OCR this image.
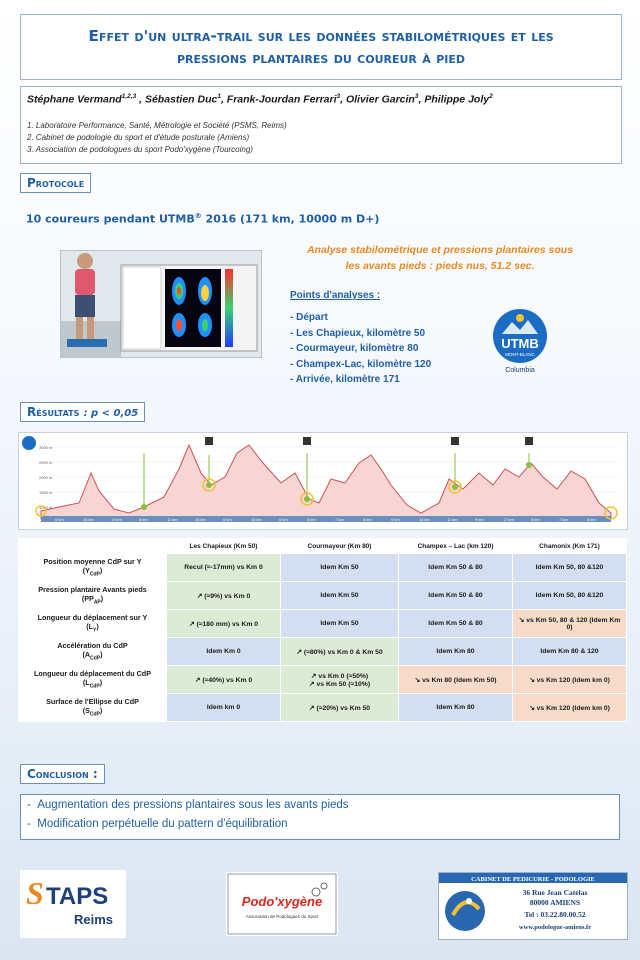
Effet d'un ultra-trail sur les données stabilométriques et les
pressions plantaires du coureur à pied
Stéphane Vermand$^{1,2,3}$ , Sébastien Duc$^1$, Frank-Jourdan Ferrari$^3$, Olivier Garcin$^3$, Philippe Joly$^2$
1. Laboratoire Performance, Santé, Métrologie et Société (PSMS, Reims)
2. Cabinet de podologie du sport et d'étude posturale (Amiens)
3. Association de podologues du sport Podo'xygène (Tourcoing)
Protocole
10 coureurs pendant UTMB® 2016 (171 km, 10000 m D+)
Analyse stabilométrique et pressions plantaires sous
les avants pieds : pieds nus, 51.2 sec.
Points d'analyses :
- Départ
- Les Chapieux, kilomètre 50
- Courmayeur, kilomètre 80
- Champex-Lac, kilomètre 120
- Arrivée, kilomètre 171
UTMB
MONT-BLANC
Columbia
Résultats : p < 0,05
3000 m
2500 m
2000 m
1500 m
1000 m
8 km	15 km	10 km	8 km	11 km	15 km	8 km	10 km	8 km	5 km	7 km	6 km	9 km	14 km	11 km	9 km	17 km	5 km	7 km	8 km
	Les Chapieux (Km 50)	Courmayeur (Km 80)	Champex – Lac (km 120)	Chamonix (Km 171)
Position moyenne CdP sur Y
$(Y_{CdP})$	Recul (≈-17mm) vs Km 0	Idem Km 50	Idem Km 50 & 80	Idem Km 50, 80 &120
Pression plantaire Avants pieds
$(PP_{AP})$	↗ (≈9%) vs Km 0	Idem Km 50	Idem Km 50 & 80	Idem Km 50, 80 &120
Longueur du déplacement sur Y
$(L_Y)$	↗ (≈180 mm) vs Km 0	Idem Km 50	Idem Km 50 & 80	↘ vs Km 50, 80 & 120 (Idem Km 0)
Accélération du CdP
$(A_{CdP})$	Idem Km 0	↗ (≈80%) vs Km 0 & Km 50	Idem Km 80	Idem Km 80 & 120
Longueur du déplacement du CdP
$(L_{CdP})$	↗ (≈40%) vs Km 0	↗ vs Km 0 (≈50%)
↗ vs Km 50 (≈10%)	↘ vs Km 80 (Idem Km 50)	↘ vs Km 120 (Idem km 0)
Surface de l'Ellipse du CdP
$(S_{CdP})$	Idem km 0	↗ (≈20%) vs Km 50	Idem Km 80	↘ vs Km 120 (Idem km 0)
Conclusion :
-  Augmentation des pressions plantaires sous les avants pieds
-  Modification perpétuelle du pattern d'équilibration
S TAPS
Reims
Podo'xygène
Association de Podologues du Sport
CABINET DE PEDICURIE - PODOLOGIE
36 Rue Jean Catelas
80000 AMIENS
Tel : 03.22.80.00.52
www.podologue-amiens.fr
